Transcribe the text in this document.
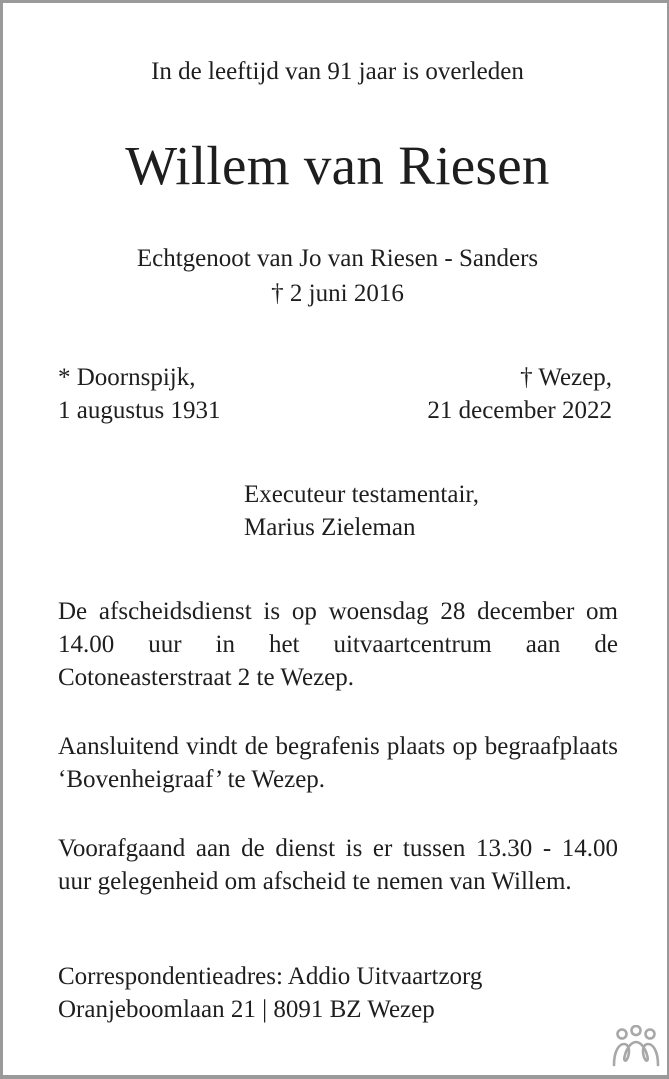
In de leeftijd van 91 jaar is overleden
Willem van Riesen
Echtgenoot van Jo van Riesen - Sanders
† 2 juni 2016
* Doornspijk,
1 augustus 1931
† Wezep,
21 december 2022
Executeur testamentair,
Marius Zieleman
De afscheidsdienst is op woensdag 28 december om 14.00 uur in het uitvaartcentrum aan de Cotoneasterstraat 2 te Wezep.
Aansluitend vindt de begrafenis plaats op begraafplaats ‘Bovenheigraaf’ te Wezep.
Voorafgaand aan de dienst is er tussen 13.30 - 14.00 uur gelegenheid om afscheid te nemen van Willem.
Correspondentieadres: Addio Uitvaartzorg
Oranjeboomlaan 21 | 8091 BZ Wezep
